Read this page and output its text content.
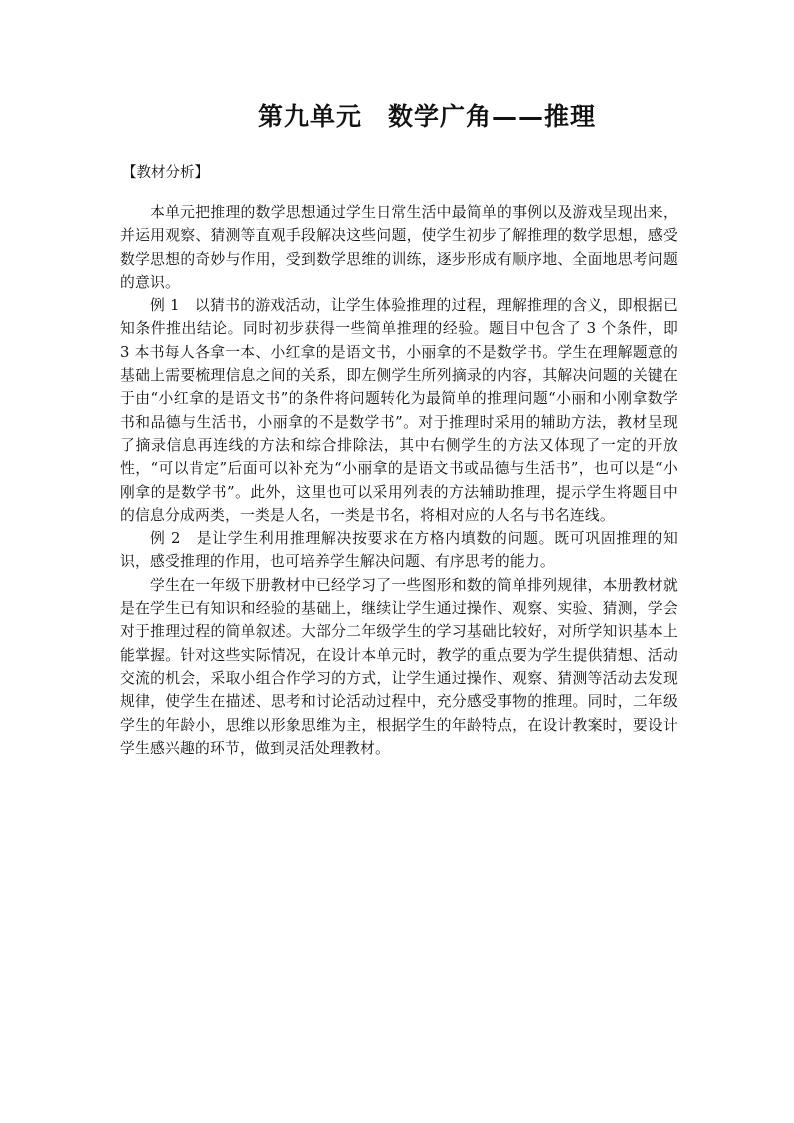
第九单元 数学广角——推理
【教材分析】

本单元把推理的数学思想通过学生日常生活中最简单的事例以及游戏呈现出来，并运用观察、猜测等直观手段解决这些问题，使学生初步了解推理的数学思想，感受数学思想的奇妙与作用，受到数学思维的训练，逐步形成有顺序地、全面地思考问题的意识。

例 1　以猜书的游戏活动，让学生体验推理的过程，理解推理的含义，即根据已知条件推出结论。同时初步获得一些简单推理的经验。题目中包含了 3 个条件，即 3 本书每人各拿一本、小红拿的是语文书，小丽拿的不是数学书。学生在理解题意的基础上需要梳理信息之间的关系，即左侧学生所列摘录的内容，其解决问题的关键在于由“小红拿的是语文书”的条件将问题转化为最简单的推理问题“小丽和小刚拿数学书和品德与生活书，小丽拿的不是数学书”。对于推理时采用的辅助方法，教材呈现了摘录信息再连线的方法和综合排除法，其中右侧学生的方法又体现了一定的开放性，“可以肯定”后面可以补充为“小丽拿的是语文书或品德与生活书”，也可以是“小刚拿的是数学书”。此外，这里也可以采用列表的方法辅助推理，提示学生将题目中的信息分成两类，一类是人名，一类是书名，将相对应的人名与书名连线。

例 2　是让学生利用推理解决按要求在方格内填数的问题。既可巩固推理的知识，感受推理的作用，也可培养学生解决问题、有序思考的能力。

学生在一年级下册教材中已经学习了一些图形和数的简单排列规律，本册教材就是在学生已有知识和经验的基础上，继续让学生通过操作、观察、实验、猜测，学会对于推理过程的简单叙述。大部分二年级学生的学习基础比较好，对所学知识基本上能掌握。针对这些实际情况，在设计本单元时，教学的重点要为学生提供猜想、活动交流的机会，采取小组合作学习的方式，让学生通过操作、观察、猜测等活动去发现规律，使学生在描述、思考和讨论活动过程中，充分感受事物的推理。同时，二年级学生的年龄小，思维以形象思维为主，根据学生的年龄特点，在设计教案时，要设计学生感兴趣的环节，做到灵活处理教材。
